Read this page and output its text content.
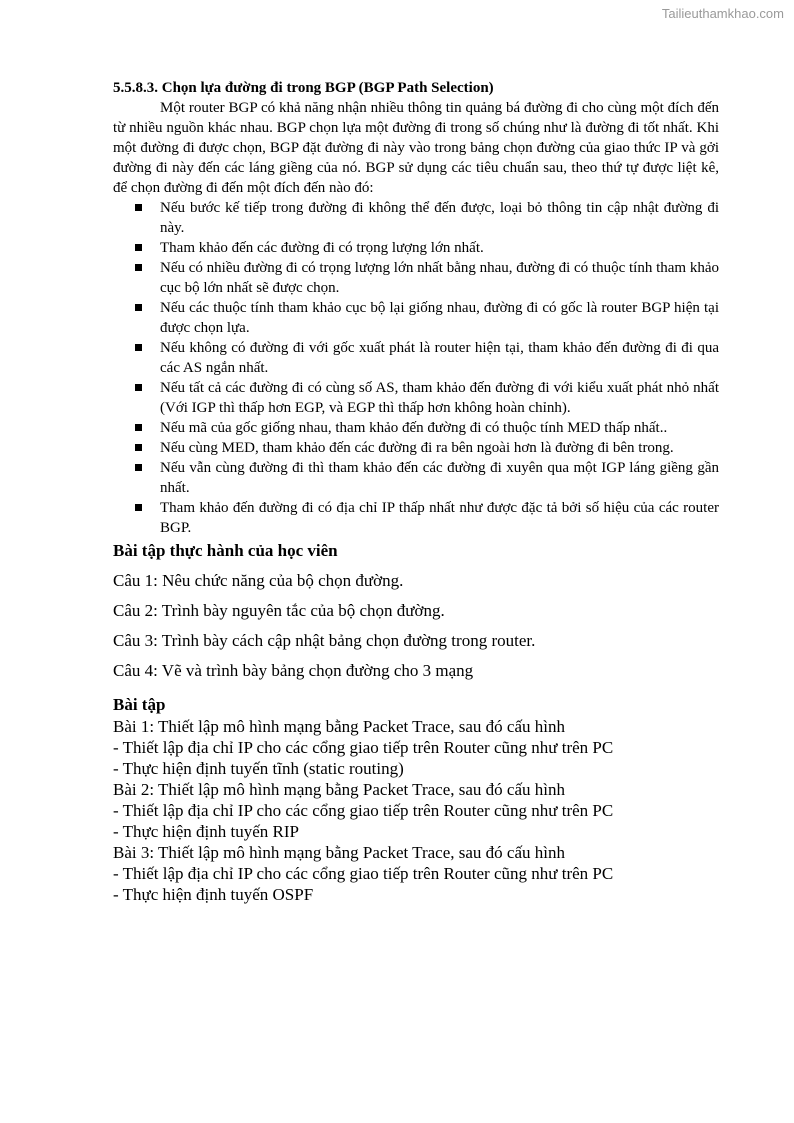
Tailieuthamkhao.com

5.5.8.3. Chọn lựa đường đi trong BGP (BGP Path Selection)

Một router BGP có khả năng nhận nhiều thông tin quảng bá đường đi cho cùng một đích đến từ nhiều nguồn khác nhau. BGP chọn lựa một đường đi trong số chúng như là đường đi tốt nhất. Khi một đường đi được chọn, BGP đặt đường đi này vào trong bảng chọn đường của giao thức IP và gởi đường đi này đến các láng giềng của nó. BGP sử dụng các tiêu chuẩn sau, theo thứ tự được liệt kê, để chọn đường đi đến một đích đến nào đó:

Nếu bước kế tiếp trong đường đi không thể đến được, loại bỏ thông tin cập nhật đường đi này.
Tham khảo đến các đường đi có trọng lượng lớn nhất.
Nếu có nhiều đường đi có trọng lượng lớn nhất bằng nhau, đường đi có thuộc tính tham khảo cục bộ lớn nhất sẽ được chọn.
Nếu các thuộc tính tham khảo cục bộ lại giống nhau, đường đi có gốc là router BGP hiện tại được chọn lựa.
Nếu không có đường đi với gốc xuất phát là router hiện tại, tham khảo đến đường đi đi qua các AS ngắn nhất.
Nếu tất cả các đường đi có cùng số AS, tham khảo đến đường đi với kiểu xuất phát nhỏ nhất (Với IGP thì thấp hơn EGP, và EGP thì thấp hơn không hoàn chỉnh).
Nếu mã của gốc giống nhau, tham khảo đến đường đi có thuộc tính MED thấp nhất..
Nếu cùng MED, tham khảo đến các đường đi ra bên ngoài hơn là đường đi bên trong.
Nếu vẫn cùng đường đi thì tham khảo đến các đường đi xuyên qua một IGP láng giềng gần nhất.
Tham khảo đến đường đi có địa chỉ IP thấp nhất như được đặc tả bởi số hiệu của các router BGP.

Bài tập thực hành của học viên

Câu 1: Nêu chức năng của bộ chọn đường.

Câu 2: Trình bày nguyên tắc của bộ chọn đường.

Câu 3: Trình bày cách cập nhật bảng chọn đường trong router.

Câu 4: Vẽ và trình bày bảng chọn đường cho 3 mạng

Bài tập

Bài 1: Thiết lập mô hình mạng bằng Packet Trace, sau đó cấu hình

- Thiết lập địa chỉ IP cho các cổng giao tiếp trên Router cũng như trên PC

- Thực hiện định tuyến tĩnh (static routing)

Bài 2: Thiết lập mô hình mạng bằng Packet Trace, sau đó cấu hình

- Thiết lập địa chỉ IP cho các cổng giao tiếp trên Router cũng như trên PC

- Thực hiện định tuyến RIP

Bài 3: Thiết lập mô hình mạng bằng Packet Trace, sau đó cấu hình

- Thiết lập địa chỉ IP cho các cổng giao tiếp trên Router cũng như trên PC

- Thực hiện định tuyến OSPF
